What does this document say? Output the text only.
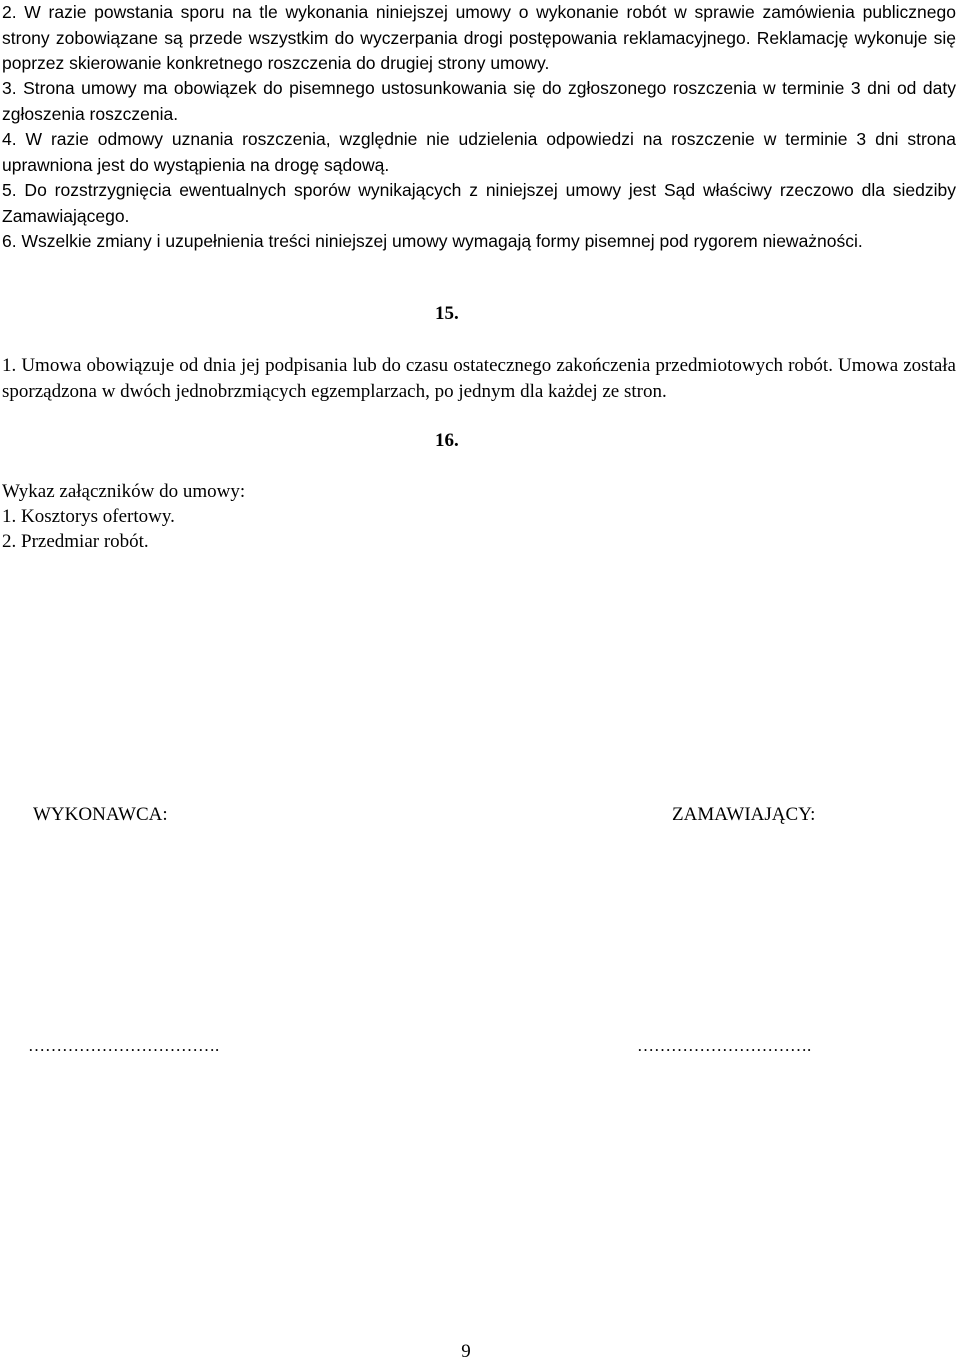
2. W razie powstania sporu na tle wykonania niniejszej umowy o wykonanie robót w sprawie zamówienia publicznego strony zobowiązane są przede wszystkim do wyczerpania drogi postępowania reklamacyjnego. Reklamację wykonuje się poprzez skierowanie konkretnego roszczenia do drugiej strony umowy.
3. Strona umowy ma obowiązek do pisemnego ustosunkowania się do zgłoszonego roszczenia w terminie 3 dni od daty zgłoszenia roszczenia.
4. W razie odmowy uznania roszczenia, względnie nie udzielenia odpowiedzi na roszczenie w terminie 3 dni strona uprawniona jest do wystąpienia na drogę sądową.
5. Do rozstrzygnięcia ewentualnych sporów wynikających z niniejszej umowy jest Sąd właściwy rzeczowo dla siedziby Zamawiającego.
6. Wszelkie zmiany i uzupełnienia treści niniejszej umowy wymagają formy pisemnej pod rygorem nieważności.
15.
1. Umowa obowiązuje od dnia jej podpisania lub do czasu ostatecznego zakończenia przedmiotowych robót. Umowa została sporządzona w dwóch jednobrzmiących egzemplarzach, po jednym dla każdej ze stron.
16.
Wykaz załączników do umowy:
1. Kosztorys ofertowy.
2. Przedmiar robót.
WYKONAWCA:	ZAMAWIAJĄCY:
…………………………….	………………………….
9
